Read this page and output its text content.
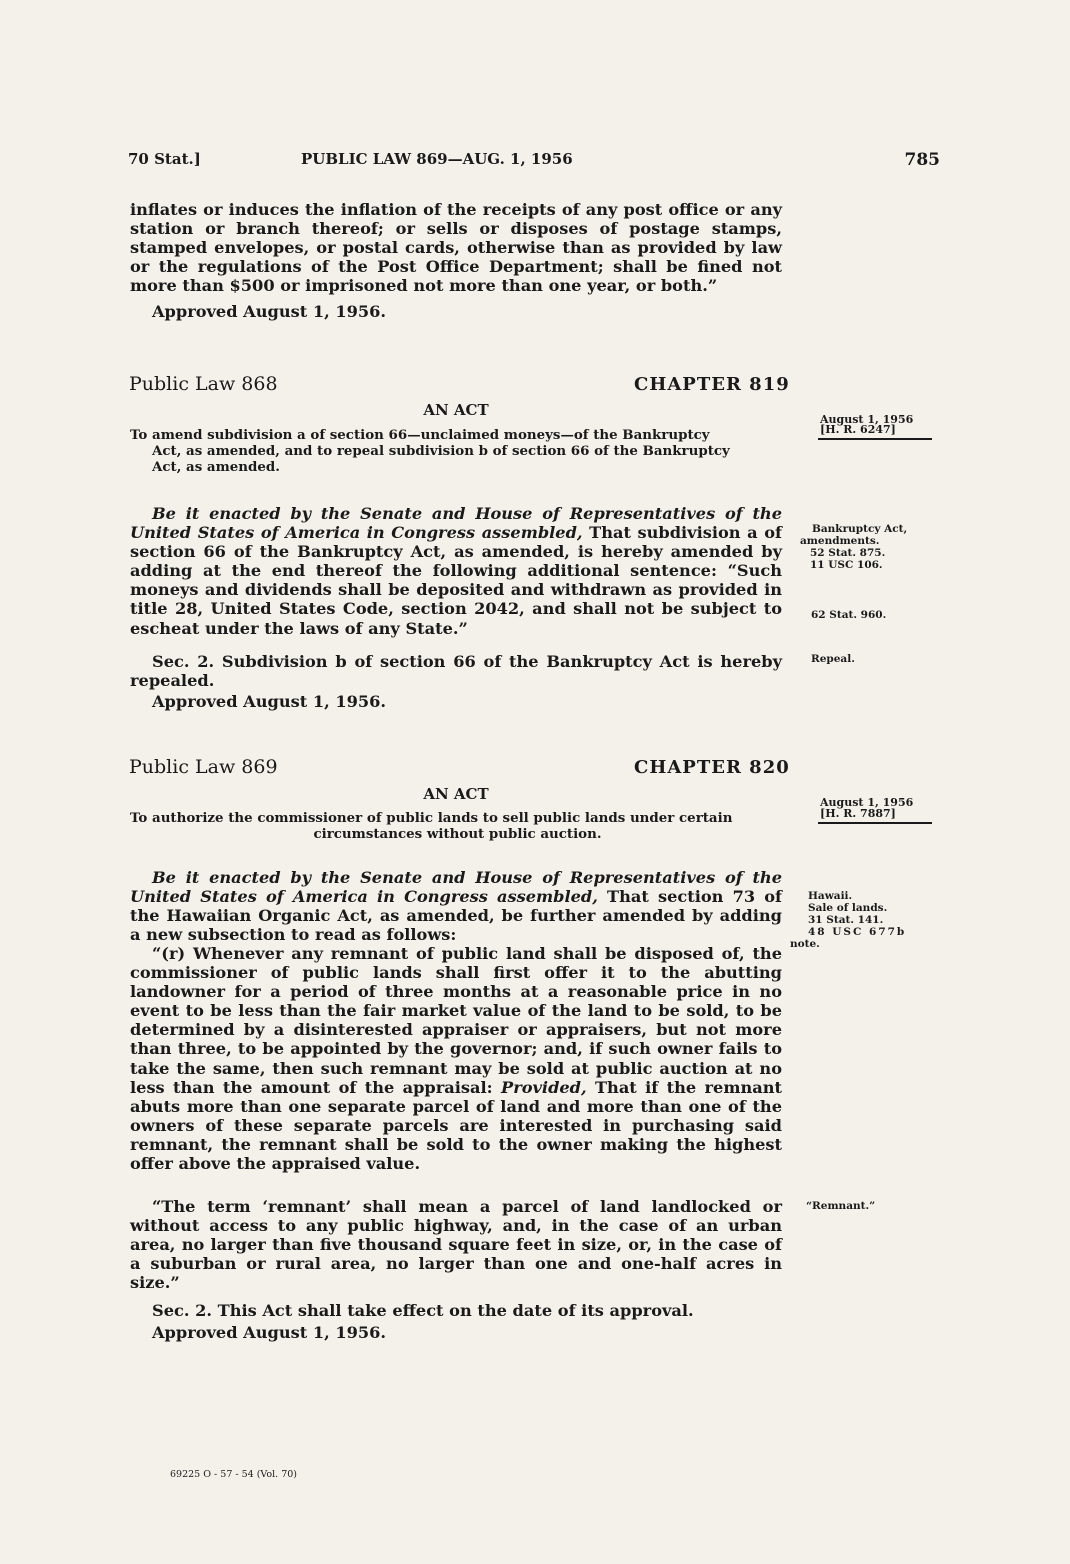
70 Stat.]	PUBLIC LAW 869—AUG. 1, 1956	785
inflates or induces the inflation of the receipts of any post office or any station or branch thereof; or sells or disposes of postage stamps, stamped envelopes, or postal cards, otherwise than as provided by law or the regulations of the Post Office Department; shall be fined not more than $500 or imprisoned not more than one year, or both.”
Approved August 1, 1956.
Public Law 868	CHAPTER 819
AN ACT
To amend subdivision a of section 66—unclaimed moneys—of the Bankruptcy
Act, as amended, and to repeal subdivision b of section 66 of the Bankruptcy
Act, as amended.
August 1, 1956
[H. R. 6247]
Be it enacted by the Senate and House of Representatives of the United States of America in Congress assembled, That subdivision a of section 66 of the Bankruptcy Act, as amended, is hereby amended by adding at the end thereof the following additional sentence: “Such moneys and dividends shall be deposited and withdrawn as provided in title 28, United States Code, section 2042, and shall not be subject to escheat under the laws of any State.”
Sec. 2. Subdivision b of section 66 of the Bankruptcy Act is hereby repealed.
Approved August 1, 1956.
Bankruptcy Act,
amendments.
52 Stat. 875.
11 USC 106.
62 Stat. 960.
Repeal.
Public Law 869	CHAPTER 820
AN ACT
To authorize the commissioner of public lands to sell public lands under certain
circumstances without public auction.
August 1, 1956
[H. R. 7887]
Be it enacted by the Senate and House of Representatives of the United States of America in Congress assembled, That section 73 of the Hawaiian Organic Act, as amended, be further amended by adding a new subsection to read as follows:
“(r) Whenever any remnant of public land shall be disposed of, the commissioner of public lands shall first offer it to the abutting landowner for a period of three months at a reasonable price in no event to be less than the fair market value of the land to be sold, to be determined by a disinterested appraiser or appraisers, but not more than three, to be appointed by the governor; and, if such owner fails to take the same, then such remnant may be sold at public auction at no less than the amount of the appraisal: Provided, That if the remnant abuts more than one separate parcel of land and more than one of the owners of these separate parcels are interested in purchasing said remnant, the remnant shall be sold to the owner making the highest offer above the appraised value.
“The term ‘remnant’ shall mean a parcel of land landlocked or without access to any public highway, and, in the case of an urban area, no larger than five thousand square feet in size, or, in the case of a suburban or rural area, no larger than one and one-half acres in size.”
Sec. 2. This Act shall take effect on the date of its approval.
Approved August 1, 1956.
Hawaii.
Sale of lands.
31 Stat. 141.
48 USC 677b
note.
“Remnant.”
69225 O - 57 - 54 (Vol. 70)
